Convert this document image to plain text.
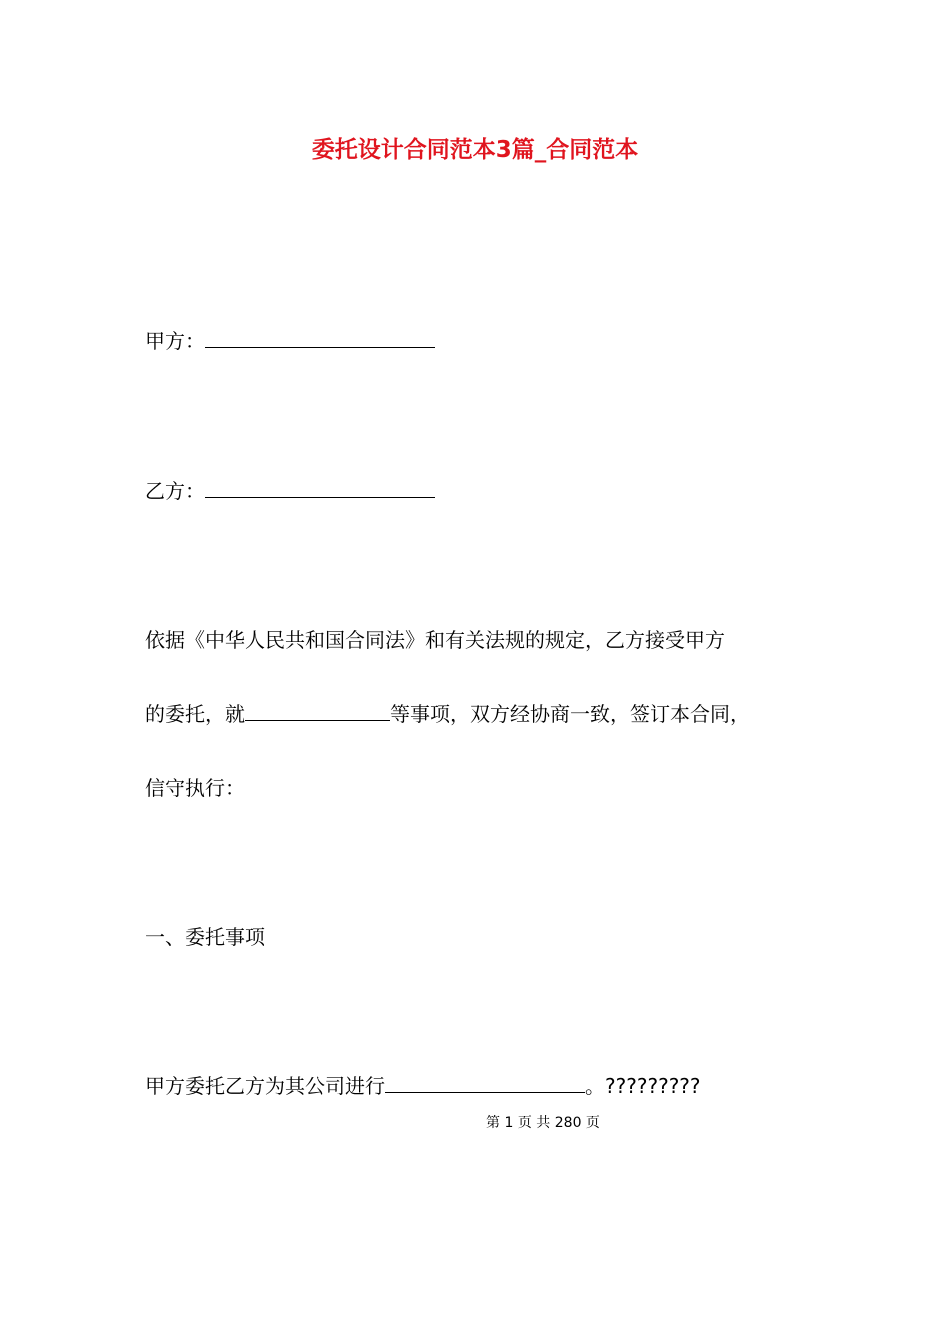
委托设计合同范本3篇_合同范本

甲方：

乙方：

依据《中华人民共和国合同法》和有关法规的规定，乙方接受甲方

的委托，就	等事项，双方经协商一致，签订本合同，

信守执行：

一、委托事项

甲方委托乙方为其公司进行	。?????????

第 1 页 共 280 页
